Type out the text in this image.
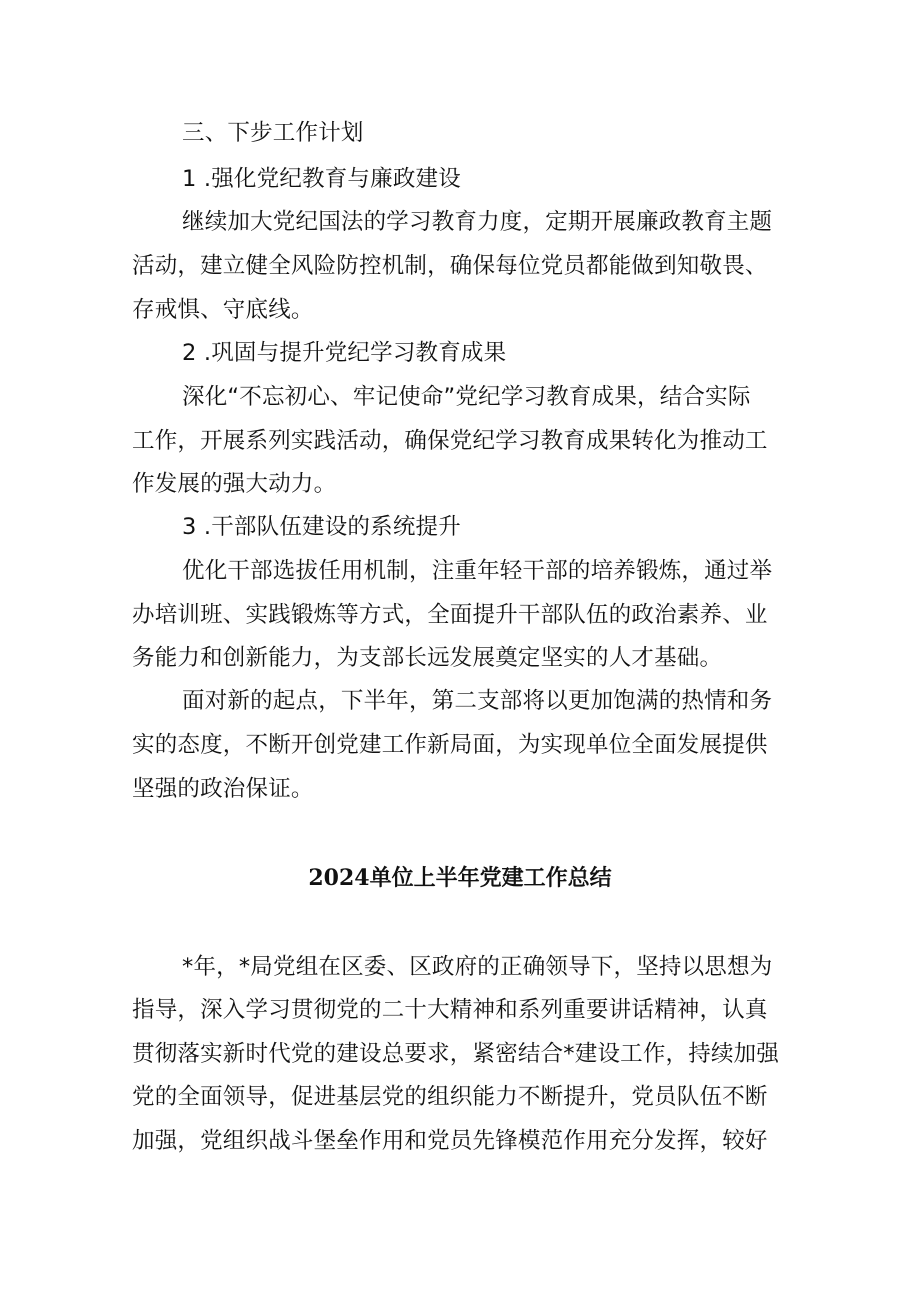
三、下步工作计划
1 .强化党纪教育与廉政建设
继续加大党纪国法的学习教育力度，定期开展廉政教育主题
活动，建立健全风险防控机制，确保每位党员都能做到知敬畏、
存戒惧、守底线。
2 .巩固与提升党纪学习教育成果
深化“不忘初心、牢记使命”党纪学习教育成果，结合实际
工作，开展系列实践活动，确保党纪学习教育成果转化为推动工
作发展的强大动力。
3 .干部队伍建设的系统提升
优化干部选拔任用机制，注重年轻干部的培养锻炼，通过举
办培训班、实践锻炼等方式，全面提升干部队伍的政治素养、业
务能力和创新能力，为支部长远发展奠定坚实的人才基础。
面对新的起点，下半年，第二支部将以更加饱满的热情和务
实的态度，不断开创党建工作新局面，为实现单位全面发展提供
坚强的政治保证。
2024单位上半年党建工作总结
*年，*局党组在区委、区政府的正确领导下，坚持以思想为
指导，深入学习贯彻党的二十大精神和系列重要讲话精神，认真
贯彻落实新时代党的建设总要求，紧密结合*建设工作，持续加强
党的全面领导，促进基层党的组织能力不断提升，党员队伍不断
加强，党组织战斗堡垒作用和党员先锋模范作用充分发挥，较好
